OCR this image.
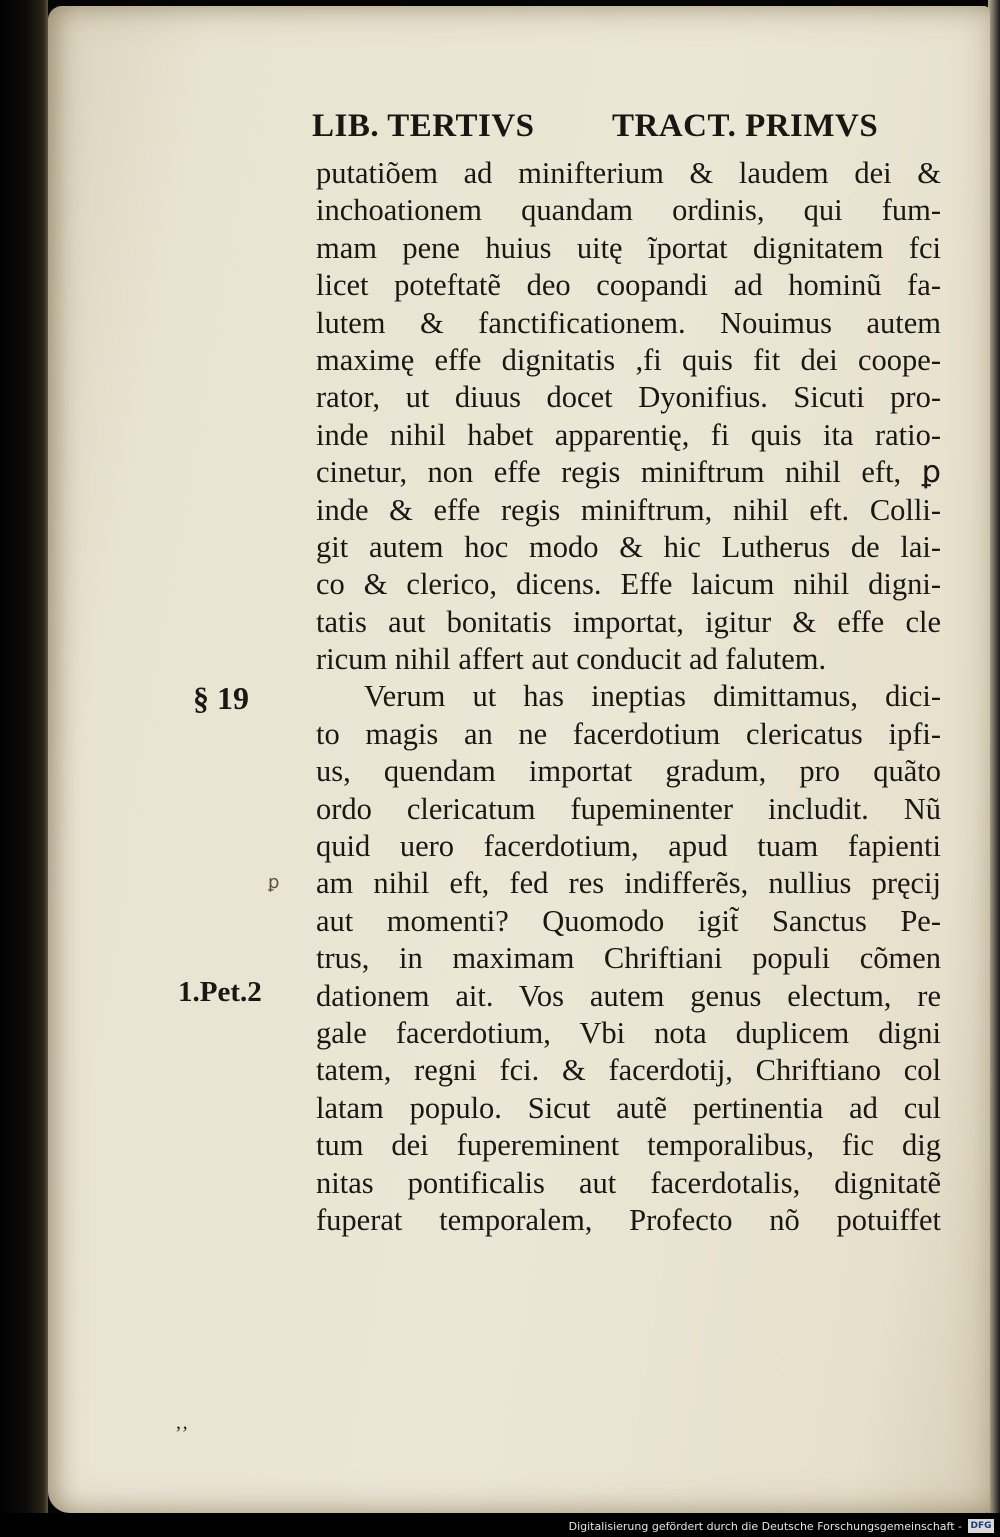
LIB. TERTIVS TRACT. PRIMVS
putatiõem ad minifterium & laudem dei &
inchoationem quandam ordinis, qui fum-
mam pene huius uitę ĩportat dignitatem fci
licet poteftatẽ deo coopandi ad hominũ fa-
lutem & fanctificationem. Nouimus autem
maximę effe dignitatis ,fi quis fit dei coope-
rator, ut diuus docet Dyonifius. Sicuti pro-
inde nihil habet apparentię, fi quis ita ratio-
cinetur, non effe regis miniftrum nihil eft, ꝑ
inde & effe regis miniftrum, nihil eft. Colli-
git autem hoc modo & hic Lutherus de lai-
co & clerico, dicens. Effe laicum nihil digni-
tatis aut bonitatis importat, igitur & effe cle
ricum nihil affert aut conducit ad falutem.
Verum ut has ineptias dimittamus, dici-
to magis an ne facerdotium clericatus ipfi-
us, quendam importat gradum, pro quãto
ordo clericatum fupeminenter includit. Nũ
quid uero facerdotium, apud tuam fapienti
am nihil eft, fed res indifferẽs, nullius pręcij
aut momenti? Quomodo igit̃ Sanctus Pe-
trus, in maximam Chriftiani populi cõmen
dationem ait. Vos autem genus electum, re
gale facerdotium, Vbi nota duplicem digni
tatem, regni fci. & facerdotij, Chriftiano col
latam populo. Sicut autẽ pertinentia ad cul
tum dei fupereminent temporalibus, fic dig
nitas pontificalis aut facerdotalis, dignitatẽ
fuperat temporalem, Profecto nõ potuiffet
§ 19
ꝑ
1.Pet.2
ʼʼ
Digitalisierung gefördert durch die Deutsche Forschungsgemeinschaft - DFG
